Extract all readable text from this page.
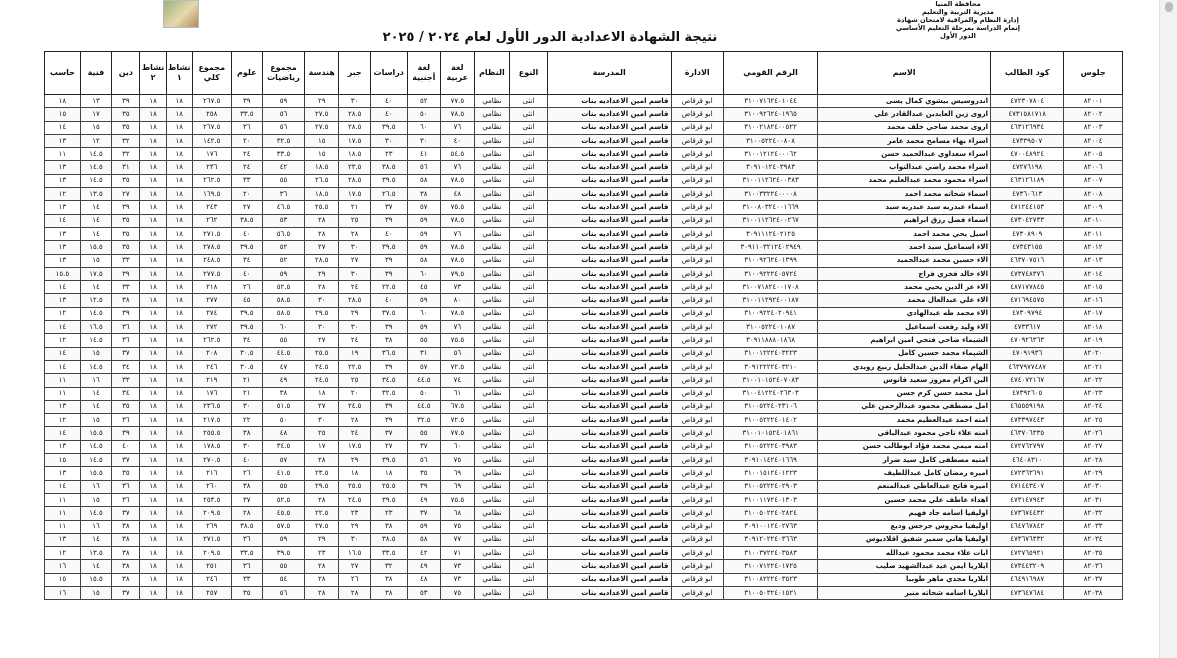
محافظة المنيا
مديرية التربية والتعليم
إدارة النظام والمراقبة لامتحان شهادة
إتمام الدراسة بمرحلة التعليم الأساسي
الدور الأول
نتيجة الشهادة الاعدادية الدور الأول لعام ٢٠٢٤ / ٢٠٢٥
جلوس	كود الطالب	الاسم	الرقم القومي	الادارة	المدرسة	النوع	النظام	لغة عربية	لغة أجنبية	دراسات	جبر	هندسة	مجموع رياضيات	علوم	مجموع كلي	نشاط ١	نشاط ٢	دين	فنية	حاسب
٨٢٠٠١	٤٧٢٣٠٧٨٠٤	اندروسيس بيشوي كمال يسى	٣١٠٠٧١٦٢٤٠١٠٤٤	ابو قرقاص	قاسم امين الاعداديه بنات	انثى	نظامي	٧٧.٥	٥٢	٤٠	٣٠	٢٩	٥٩	٣٩	٢٦٧.٥	١٨	١٨	٣٩	١٣	١٨
٨٢٠٠٢	٤٧٣١٥٨١٧١٨	اروى زين العابدين عبدالقادر علي	٣١٠٠٩٢٦٢٤٠١٩٦٥	ابو قرقاص	قاسم امين الاعداديه بنات	انثى	نظامي	٧٨.٥	٥٠	٤٠	٢٨.٥	٢٧.٥	٥٦	٣٣.٥	٢٥٨	١٨	١٨	٣٥	١٧	١٥
٨٢٠٠٣	٤٦٣١٢٦٩٣٤	اروى محمد ضاحي خلف محمد	٣١٠٠٢١٨٢٤٠٠٥٢٢	ابو قرقاص	قاسم امين الاعداديه بنات	انثى	نظامي	٧٦	٦٠	٣٩.٥	٢٨.٥	٢٧.٥	٥٦	٣٦	٢٦٧.٥	١٨	١٨	٣٥	١٥	١٤
٨٢٠٠٤	٤٧٣٣٩٥٠٧	اسراء بهاء مسامح محمد عامر	٣١٠٠٥٢٢٤٠٠٨٠٨	ابو قرقاص	قاسم امين الاعداديه بنات	انثى	نظامي	٤٠	٣٠	٣٠	١٧.٥	١٥	٣٢.٥	٢٠	١٤٢.٥	١٨	١٨	٣٢	١٢	١٣
٨٢٠٠٥	٤٧٠٠٤٨٩٢٤	اسراء سعداوي عبدالحميد حسن	٣١٠٠١٢١٢٤٠٠٠٦٢	ابو قرقاص	قاسم امين الاعداديه بنات	انثى	نظامي	٥٤.٥	٤١	٢٣	١٨.٥	١٥	٣٣.٥	٢٤	١٧٦	١٨	١٨	٣٢	١٤.٥	١١
٨٢٠٠٦	٤٧٢٧٦١٩٨	اسراء محمد راضي عبدالتواب	٣٠٩١٠١٢٤٠٣٩٨٣	ابو قرقاص	قاسم امين الاعداديه بنات	انثى	نظامي	٧٦	٥٦	٣٨.٥	٢٣.٥	١٨.٥	٤٢	٢٤	٢٣٦	١٨	١٨	٣١	١٤.٥	١٣
٨٢٠٠٧	٤٦٣١٢٦١٨٩	اسراء محمود محمد عبدالعليم محمد	٣١٠٠١١٢٦٢٤٠٠٣٨٣	ابو قرقاص	قاسم امين الاعداديه بنات	انثى	نظامي	٧٨.٥	٥٨	٣٩.٥	٢٨.٥	٢٦.٥	٥٥	٣٣	٢٦٢.٥	١٨	١٨	٣٥	١٤.٥	١٣
٨٢٠٠٨	٤٧٣٦٠٦١٣	اسماء شحاته محمد احمد	٣١٠٠٣٣٢٢٤٠٠٠٠٨	ابو قرقاص	قاسم امين الاعداديه بنات	انثى	نظامي	٤٨	٣٨	٢٦.٥	١٧.٥	١٨.٥	٣٦	٢٠	١٦٩.٥	١٨	١٨	٢٧	١٣.٥	١٢
٨٢٠٠٩	٤٧١٢٤٤١٥٣	اسماء عبدربه سيد عبدربه سيد	٣١٠٠٨٠٣٢٤٠٠١٦٦٩	ابو قرقاص	قاسم امين الاعداديه بنات	انثى	نظامي	٧٥.٥	٥٧	٣٧	٢١	٢٥.٥	٤٦.٥	٢٧	٢٤٣	١٨	١٨	٣٩	١٤	١٣
٨٢٠١٠	٤٧٣٠٤٢٧٣٣	اسماء فضل رزق ابراهيم	٣١٠٠١١٢٦٢٤٠٠٢٦٧	ابو قرقاص	قاسم امين الاعداديه بنات	انثى	نظامي	٧٨.٥	٥٩	٣٩	٢٥	٢٨	٥٣	٣٨.٥	٢٦٢	١٨	١٨	٣٥	١٤	١٤
٨٢٠١١	٤٧٣٠٨٩٠٩	اسيل يحي محمد احمد	٣٠٩١١١٢٤٠٢١٢٥	ابو قرقاص	قاسم امين الاعداديه بنات	انثى	نظامي	٧٦	٥٩	٤٠	٢٨	٢٨	٥٦.٥	٤٠	٢٧١.٥	١٨	١٨	٣٥	١٤	١٣
٨٢٠١٢	٤٧٣٤٣١٥٥	الاء اسماعيل سيد احمد	٣٠٩١١٠٣٢١٢٤٠٢٩٤٩	ابو قرقاص	قاسم امين الاعداديه بنات	انثى	نظامي	٧٨.٥	٥٩	٣٩.٥	٣٠	٢٧	٥٢	٣٩.٥	٢٧٨.٥	١٨	١٨	٣٥	١٥.٥	١٣
٨٢٠١٣	٤٦٣٧٠٧٥١٦	الاء حسين محمد عبدالحميد	٣١٠٠٩٢٦٢٤٠١٣٩٩	ابو قرقاص	قاسم امين الاعداديه بنات	انثى	نظامي	٧٨.٥	٥٨	٣٩	٢٧	٢٨.٥	٥٢	٣٤	٢٤٨.٥	١٨	١٨	٣٣	١٥	١٣
٨٢٠١٤	٤٧٣٧٤٨٣٧٦	الاء خالد فخري فراج	٣١٠٠٩٢٢٢٤٠٥٧٢٤	ابو قرقاص	قاسم امين الاعداديه بنات	انثى	نظامي	٧٩.٥	٦٠	٣٩	٣٠	٢٩	٥٩	٤٠	٢٧٧.٥	١٨	١٨	٣٩	١٧.٥	١٥.٥
٨٢٠١٥	٤٨٧١٧٧٨٤٥	الاء عز الدين يحيي محمد	٣١٠٠٧١٨٢٤٠٠١٧٠٨	ابو قرقاص	قاسم امين الاعداديه بنات	انثى	نظامي	٧٣	٤٥	٢٢.٥	٢٤	٢٨	٥٢.٥	٢٦	٢١٨	١٨	١٨	٣٣	١٤	١٤
٨٢٠١٦	٤٧١٦٩٤٥٧٥	الاء علي عبدالعال محمد	٣١٠٠١١٢٩٢٤٠٠١٨٧	ابو قرقاص	قاسم امين الاعداديه بنات	انثى	نظامي	٨٠	٥٩	٤٠	٢٨.٥	٣٠	٥٨.٥	٤٥	٢٧٧	١٨	١٨	٣٨	١٢.٥	١٣
٨٢٠١٧	٤٧٣٠٩٧٩٤	الاء محمد طه عبدالهادي	٣١٠٠٩٢٢٤٠٢٠٩٤١	ابو قرقاص	قاسم امين الاعداديه بنات	انثى	نظامي	٧٨.٥	٦٠	٣٧.٥	٢٩	٢٩.٥	٥٨.٥	٣٩.٥	٢٧٤	١٨	١٨	٣٩	١٤.٥	١٢
٨٢٠١٨	٤٧٣٣٦١٧	الاء وليد رفعت اسماعيل	٣١٠٠٥٢٢٤٠١٠٨٧	ابو قرقاص	قاسم امين الاعداديه بنات	انثى	نظامي	٧٦	٥٩	٣٩	٣٠	٣٠	٦٠	٣٩.٥	٢٧٢	١٨	١٨	٣٦	١٦.٥	١٤
٨٢٠١٩	٤٧٠٩٢٦٣٦٣	الشيماء ضاحي فتحي امين ابراهيم	٣٠٩١١٨٨٨٠١٨٦٨	ابو قرقاص	قاسم امين الاعداديه بنات	انثى	نظامي	٧٥.٥	٥٥	٣٨	٢٤	٢٧	٥٥	٣٤	٢٦٢.٥	١٨	١٨	٣٦	١٤.٥	١٢
٨٢٠٢٠	٤٧٠٩١٩٣٦	الشيماء محمد حسين كامل	٣١٠٠١٢٢٢٤٠٣٢٢٣	ابو قرقاص	قاسم امين الاعداديه بنات	انثى	نظامي	٥٦	٣١	٣٦.٥	١٩	٢٥.٥	٤٤.٥	٣٠.٥	٢٠٨	١٨	١٨	٣٧	١٥	١٤
٨٢٠٢١	٤٦٣٧٩٧٧٤٨٧	الهام صفاء الدين عبدالجليل ربيع رويدي	٣٠٩١٢٢٢٢٤٠٣٢١٠	ابو قرقاص	قاسم امين الاعداديه بنات	انثى	نظامي	٧٢.٥	٥٧	٣٩	٢٢.٥	٢٤.٥	٤٧	٣٠.٥	٢٤٦	١٨	١٨	٣٤	١٤.٥	١٤
٨٢٠٢٢	٤٧٤٠٧٢١٦٧	الين اكرام معزوز سعيد قانوس	٣١٠٠١٠١٥٢٤٠٧٠٨٣	ابو قرقاص	قاسم امين الاعداديه بنات	انثى	نظامي	٧٤	٤٤.٥	٣٤.٥	٢٥	٢٤.٥	٤٩	٢١	٢١٩	١٨	١٨	٣٣	١٦	١١
٨٢٠٢٣	٤٧٣٩٢٦٠٥	امل محمد حسن كرم حسن	٣١٠٠٤١٢٢٤٠٢٦٣٠٣	ابو قرقاص	قاسم امين الاعداديه بنات	انثى	نظامي	٦١	٥٠	٣٢.٥	٢٠	١٨	٣٨	٢١	١٧٦	١٨	١٨	٣٤	١٤	١١
٨٢٠٢٤	٤٦٥٥٥٩١٩٨	امل مصطفي محمود عبدالرحمن علي	٣١٠٠٥٢٢٤٠٢٣١٠٦	ابو قرقاص	قاسم امين الاعداديه بنات	انثى	نظامي	٦٧.٥	٤٤.٥	٣٩	٢٤.٥	٢٧	٥١.٥	٣٠	٢٣٦.٥	١٨	١٨	٣٥	١٤	١٣
٨٢٠٢٥	٤٧٣٣٩٧٤٤٣	امنه احمد عبدالعظيم محمد	٣١٠٠٥٢٢٢٤٠١٤٠٢	ابو قرقاص	قاسم امين الاعداديه بنات	انثى	نظامي	٧٢.٥	٣٢.٥	٣٩	٢٨	٣٠	٥٠	٢٢	٢١٧.٥	١٨	١٨	٣٦	١٥	١٢
٨٢٠٢٦	٤٦٣٧٠٦٣٣٥	امنه علاء ناجي محمود عبدالباقي	٣١٠٠١٠١٥٢٤٠١٨٦١	ابو قرقاص	قاسم امين الاعداديه بنات	انثى	نظامي	٧٧.٥	٥٥	٣٧	٢٤	٢٥	٤٨	٣٨	٢٥٥.٥	١٨	١٨	٣٩	١٥.٥	١٤
٨٢٠٢٧	٤٧٢٧٦٢٧٩٧	امنه ميمي محمد فؤاد ابوطالب حسن	٣١٠٠٥٢٢٢٤٠٣٩٨٣	ابو قرقاص	قاسم امين الاعداديه بنات	انثى	نظامي	٦٠	٣٧	٢٧	١٧.٥	١٧	٣٤.٥	٣٠	١٧٨.٥	١٨	١٨	٤٠	١٤.٥	١٣
٨٢٠٢٨	٤٦٤٠٨٣١٠	امنيه مصطفى كامل سيد ضرار	٣٠٩١٠١٤٢٤٠١٦٦٩	ابو قرقاص	قاسم امين الاعداديه بنات	انثى	نظامي	٧٥	٥٦	٣٩.٥	٢٩	٢٨	٥٧	٤٠	٢٧٠.٥	١٨	١٨	٣٧	١٤.٥	١٥
٨٢٠٢٩	٤٧٢٣٦٣٦٩١	اميره رمضان كامل عبداللطيف	٣١٠٠١٥١٢٤٠١٢٢٣	ابو قرقاص	قاسم امين الاعداديه بنات	انثى	نظامي	٦٩	٣٥	١٨	١٨	٢٣.٥	٤١.٥	٢٦	٢١٦	١٨	١٨	٣٥	١٥.٥	١٣
٨٢٠٣٠	٤٧١٤٤٣٤٠٧	اميره فاتح عبدالعاطي عبدالمنعم	٣١٠٠٥٢٢٢٤٠٢٩٠٣	ابو قرقاص	قاسم امين الاعداديه بنات	انثى	نظامي	٦٩	٣٩	٢٥.٥	٢٥.٥	٢٩.٥	٥٥	٣٨	٢٦٠	١٨	١٨	٣٦	١٦	١٤
٨٢٠٣١	٤٧٣١٤٧٩٤٣	اهداء عاطف علي محمد حسين	٣١٠٠١١٧٢٤٠١٣٠٣	ابو قرقاص	قاسم امين الاعداديه بنات	انثى	نظامي	٧٥.٥	٤٩	٣٩.٥	٢٤.٥	٢٨	٥٢.٥	٣٧	٢٥٣.٥	١٨	١٨	٣٦	١٥	١١
٨٢٠٣٢	٤٧٣٦٧٤٤٣٢	اوليفيا اسامه جاد فهيم	٣١٠٠٥٠٢٢٤٠٢٨٢٤	ابو قرقاص	قاسم امين الاعداديه بنات	انثى	نظامي	٦٨	٣٧	٢٣	٢٣	٢٢.٥	٤٥.٥	٢٨	٢٠٩.٥	١٨	١٨	٣٧	١٤.٥	١١
٨٢٠٣٣	٤٦٤٧٦٧٨٤٢	اوليفيا محروس جرجس وديع	٣٠٩١٠٠١٢٤٠٢٧٦٣	ابو قرقاص	قاسم امين الاعداديه بنات	انثى	نظامي	٧٥	٥٩	٣٨	٢٩	٢٧.٥	٥٧.٥	٣٨.٥	٢٦٩	١٨	١٨	٣٨	١٦	١١
٨٢٠٣٤	٤٧٣٦٧٦٣٣٢	اوليفيا هاني سمير شفيق اقلاديوس	٣٠٩١٢٠٢٢٤٠٣٦٦٣	ابو قرقاص	قاسم امين الاعداديه بنات	انثى	نظامي	٧٧	٥٨	٣٨.٥	٣٠	٢٩	٥٩	٣٦	٢٧١.٥	١٨	١٨	٣٨	١٤	١٣
٨٢٠٣٥	٤٧٢٧٦٥٩٢١	ايات علاء محمد محمود عبدالله	٣١٠٠٣٧٢٢٤٠٣٥٨٣	ابو قرقاص	قاسم امين الاعداديه بنات	انثى	نظامي	٧١	٤٢	٣٣.٥	١٦.٥	٢٣	٣٩.٥	٣٣.٥	٢٠٩.٥	١٨	١٨	٣٨	١٣.٥	١٢
٨٢٠٣٦	٤٧٣٤٤٣٢٠٩	ايلاريا ايمن عيد عبدالشهيد صليب	٣١٠٠٧١٢٢٤٠١٧٢٥	ابو قرقاص	قاسم امين الاعداديه بنات	انثى	نظامي	٧٣	٤٩	٣٢	٢٧	٢٨	٥٥	٣٦	٢٥١	١٨	١٨	٣٨	١٤	١٦
٨٢٠٣٧	٤٦٤٩١٦٩٨٧	ايلاريا مجدي ماهر طوبيا	٣١٠٠٨٢٢٢٤٠٣٥٢٣	ابو قرقاص	قاسم امين الاعداديه بنات	انثى	نظامي	٧٣	٤٨	٣٨	٢٦	٢٨	٥٤	٣٣	٢٤٦	١٨	١٨	٣٨	١٥.٥	١٥
٨٢٠٣٨	٤٧٣٦٤٧٦٨٤	ايلاريا اسامه شحاته منير	٣١٠٠٥٠٣٢٤٠١٥٢١	ابو قرقاص	قاسم امين الاعداديه بنات	انثى	نظامي	٧٥	٥٣	٣٨	٢٨	٢٨	٥٦	٣٥	٢٥٧	١٨	١٨	٣٧	١٥	١٦
